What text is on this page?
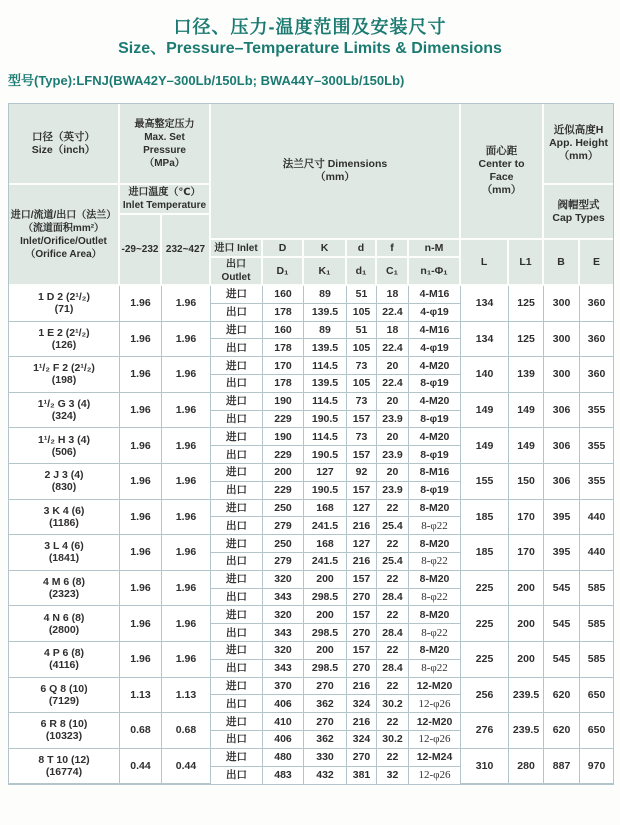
口径、压力-温度范围及安装尺寸
Size、Pressure–Temperature Limits & Dimensions
型号(Type):LFNJ(BWA42Y–300Lb/150Lb; BWA44Y–300Lb/150Lb)
口径（英寸）
Size（inch）	最高整定压力
Max. Set
Pressure
（MPa）		法兰尺寸 Dimensions
（mm）						面心距
Center to
Face
（mm）		近似高度H
App. Height
（mm）	

进口/流道/出口（法兰）
（流道面积mm²）
Inlet/Orifice/Outlet
（Orifice Area）	进口温度（℃）
Inlet Temperature										阀帽型式
Cap Types	

	-29~232	232~427										
			进口 Inlet	D	K	d	f	n-M	L	L1	B	E
			出口 Outlet	D₁	K₁	d₁	C₁	n₁-Φ₁				

1 D 2 (2¹/₂)
(71)	1.96	1.96	进口	160	89	51	18	4-M16	134	125	300	360
			出口	178	139.5	105	22.4	4-φ19				

1 E 2 (2¹/₂)
(126)	1.96	1.96	进口	160	89	51	18	4-M16	134	125	300	360
			出口	178	139.5	105	22.4	4-φ19				

1¹/₂ F 2 (2¹/₂)
(198)	1.96	1.96	进口	170	114.5	73	20	4-M20	140	139	300	360
			出口	178	139.5	105	22.4	8-φ19				

1¹/₂ G 3 (4)
(324)	1.96	1.96	进口	190	114.5	73	20	4-M20	149	149	306	355
			出口	229	190.5	157	23.9	8-φ19				

1¹/₂ H 3 (4)
(506)	1.96	1.96	进口	190	114.5	73	20	4-M20	149	149	306	355
			出口	229	190.5	157	23.9	8-φ19				

2 J 3 (4)
(830)	1.96	1.96	进口	200	127	92	20	8-M16	155	150	306	355
			出口	229	190.5	157	23.9	8-φ19				

3 K 4 (6)
(1186)	1.96	1.96	进口	250	168	127	22	8-M20	185	170	395	440
			出口	279	241.5	216	25.4	8-φ22				

3 L 4 (6)
(1841)	1.96	1.96	进口	250	168	127	22	8-M20	185	170	395	440
			出口	279	241.5	216	25.4	8-φ22				

4 M 6 (8)
(2323)	1.96	1.96	进口	320	200	157	22	8-M20	225	200	545	585
			出口	343	298.5	270	28.4	8-φ22				

4 N 6 (8)
(2800)	1.96	1.96	进口	320	200	157	22	8-M20	225	200	545	585
			出口	343	298.5	270	28.4	8-φ22				

4 P 6 (8)
(4116)	1.96	1.96	进口	320	200	157	22	8-M20	225	200	545	585
			出口	343	298.5	270	28.4	8-φ22				

6 Q 8 (10)
(7129)	1.13	1.13	进口	370	270	216	22	12-M20	256	239.5	620	650
			出口	406	362	324	30.2	12-φ26				

6 R 8 (10)
(10323)	0.68	0.68	进口	410	270	216	22	12-M20	276	239.5	620	650
			出口	406	362	324	30.2	12-φ26				

8 T 10 (12)
(16774)	0.44	0.44	进口	480	330	270	22	12-M24	310	280	887	970
			出口	483	432	381	32	12-φ26				
